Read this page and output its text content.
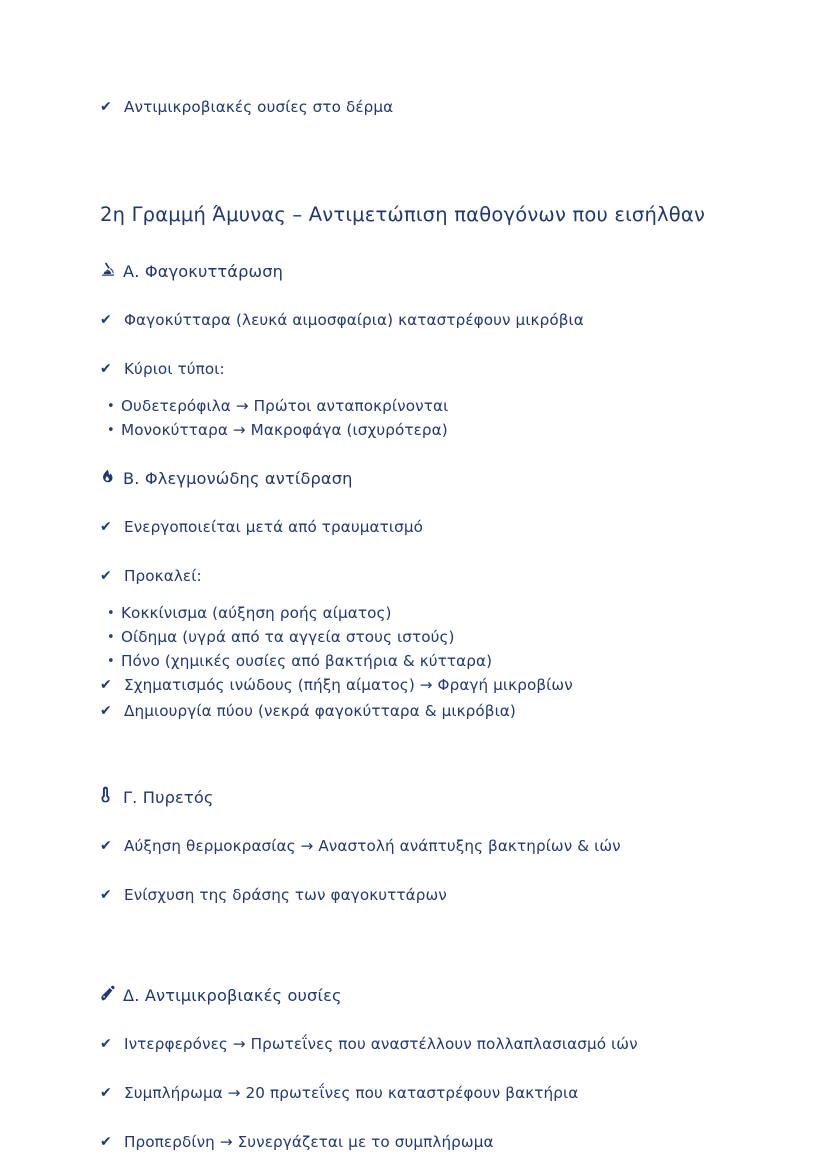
✔ Αντιμικροβιακές ουσίες στο δέρμα
2η Γραμμή Άμυνας – Αντιμετώπιση παθογόνων που εισήλθαν
Α. Φαγοκυττάρωση
✔ Φαγοκύτταρα (λευκά αιμοσφαίρια) καταστρέφουν μικρόβια
✔ Κύριοι τύποι:
• Ουδετερόφιλα → Πρώτοι ανταποκρίνονται
• Μονοκύτταρα → Μακροφάγα (ισχυρότερα)
Β. Φλεγμονώδης αντίδραση
✔ Ενεργοποιείται μετά από τραυματισμό
✔ Προκαλεί:
• Κοκκίνισμα (αύξηση ροής αίματος)
• Οίδημα (υγρά από τα αγγεία στους ιστούς)
• Πόνο (χημικές ουσίες από βακτήρια & κύτταρα)
✔ Σχηματισμός ινώδους (πήξη αίματος) → Φραγή μικροβίων
✔ Δημιουργία πύου (νεκρά φαγοκύτταρα & μικρόβια)
Γ. Πυρετός
✔ Αύξηση θερμοκρασίας → Αναστολή ανάπτυξης βακτηρίων & ιών
✔ Ενίσχυση της δράσης των φαγοκυττάρων
Δ. Αντιμικροβιακές ουσίες
✔ Ιντερφερόνες → Πρωτεΐνες που αναστέλλουν πολλαπλασιασμό ιών
✔ Συμπλήρωμα → 20 πρωτεΐνες που καταστρέφουν βακτήρια
✔ Προπερδίνη → Συνεργάζεται με το συμπλήρωμα
